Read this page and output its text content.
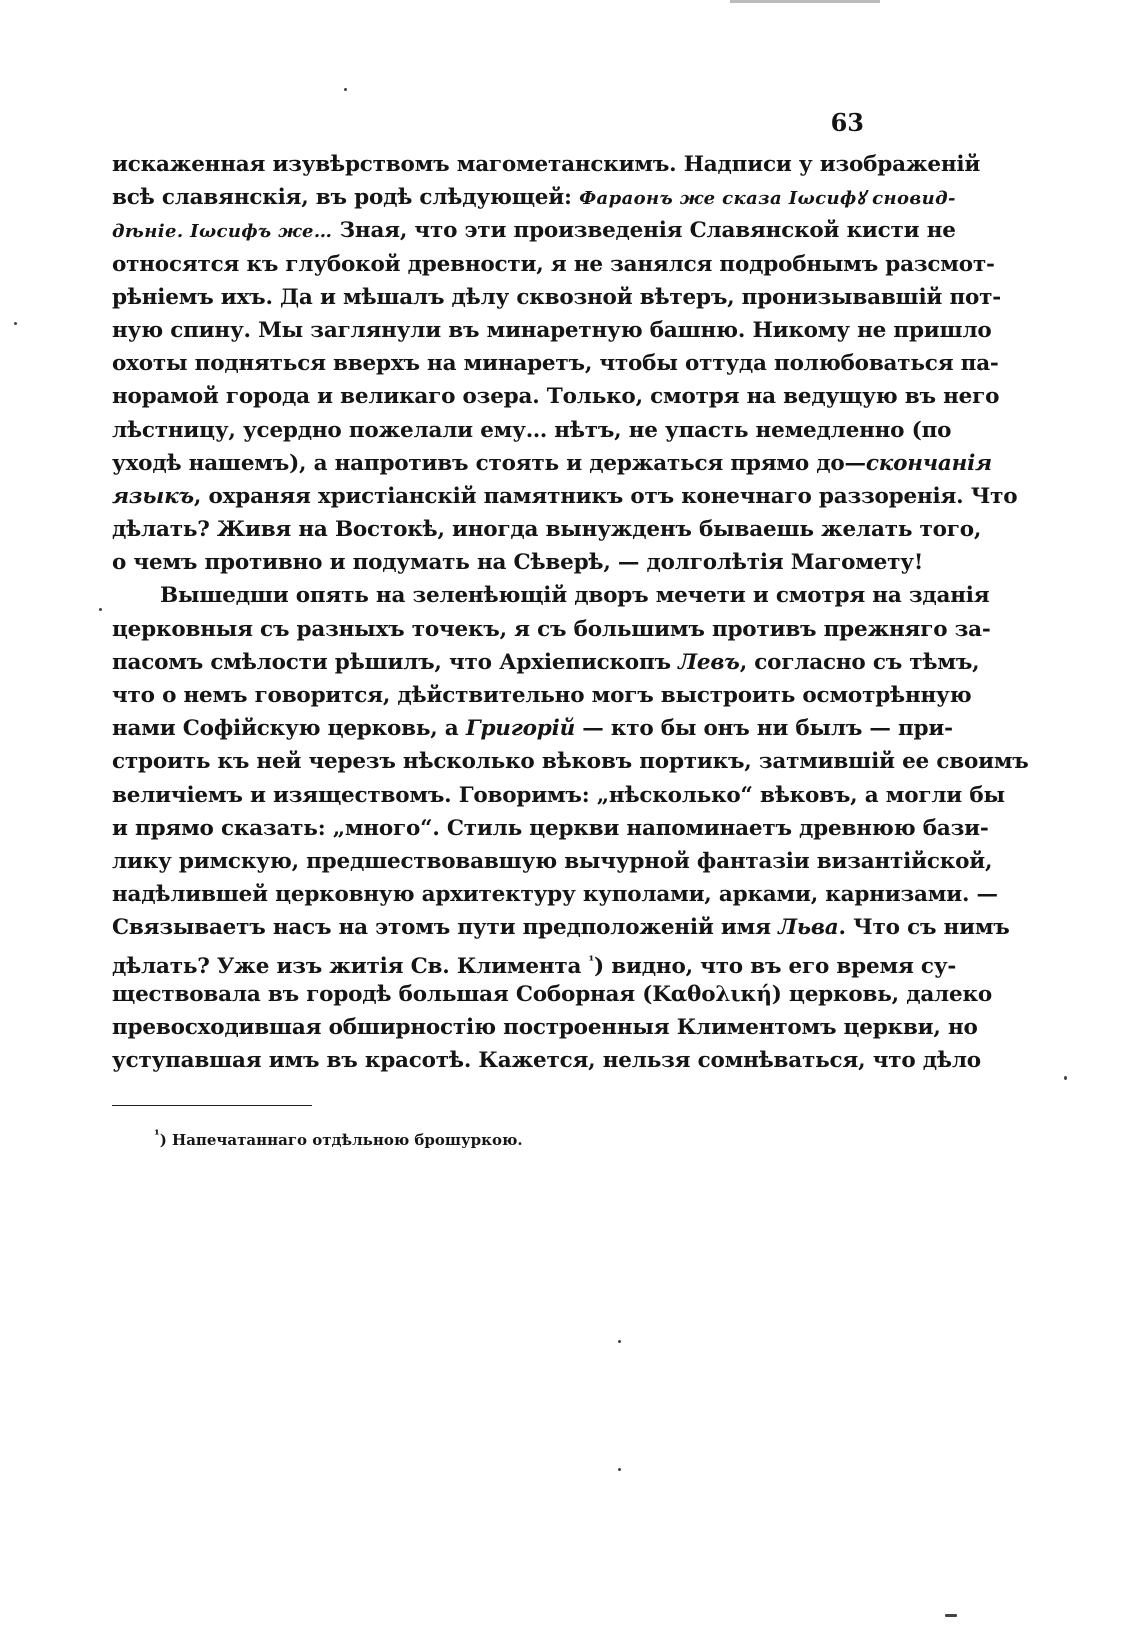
63
искаженная изувѣрствомъ магометанскимъ. Надписи у изображеній
всѣ славянскія, въ родѣ слѣдующей: Фараонъ же сказа Іωсифꙋ сновид-
дѣніе. Іωсифъ же… Зная, что эти произведенія Славянской кисти не
относятся къ глубокой древности, я не занялся подробнымъ разсмот-
рѣніемъ ихъ. Да и мѣшалъ дѣлу сквозной вѣтеръ, пронизывавшій пот-
ную спину. Мы заглянули въ минаретную башню. Никому не пришло
охоты подняться вверхъ на минаретъ, чтобы оттуда полюбоваться па-
норамой города и великаго озера. Только, смотря на ведущую въ него
лѣстницу, усердно пожелали ему… нѣтъ, не упасть немедленно (по
уходѣ нашемъ), а напротивъ стоять и держаться прямо до—скончанія
языкъ, охраняя христіанскій памятникъ отъ конечнаго раззоренія. Что
дѣлать? Живя на Востокѣ, иногда вынужденъ бываешь желать того,
о чемъ противно и подумать на Сѣверѣ, — долголѣтія Магомету!
Вышедши опять на зеленѣющій дворъ мечети и смотря на зданія
церковныя съ разныхъ точекъ, я съ большимъ противъ прежняго за-
пасомъ смѣлости рѣшилъ, что Архіепископъ Левъ, согласно съ тѣмъ,
что о немъ говорится, дѣйствительно могъ выстроить осмотрѣнную
нами Софійскую церковь, а Григорій — кто бы онъ ни былъ — при-
строить къ ней черезъ нѣсколько вѣковъ портикъ, затмившій ее своимъ
величіемъ и изяществомъ. Говоримъ: „нѣсколько“ вѣковъ, а могли бы
и прямо сказать: „много“. Стиль церкви напоминаетъ древнюю бази-
лику римскую, предшествовавшую вычурной фантазіи византійской,
надѣлившей церковную архитектуру куполами, арками, карнизами. —
Связываетъ насъ на этомъ пути предположеній имя Льва. Что съ нимъ
дѣлать? Уже изъ житія Св. Климента $^{^1}$) видно, что въ его время су-
ществовала въ городѣ большая Соборная (Καθολική) церковь, далеко
превосходившая обширностію построенныя Климентомъ церкви, но
уступавшая имъ въ красотѣ. Кажется, нельзя сомнѣваться, что дѣло
$^{^1}$) Напечатаннаго отдѣльною брошуркою.
